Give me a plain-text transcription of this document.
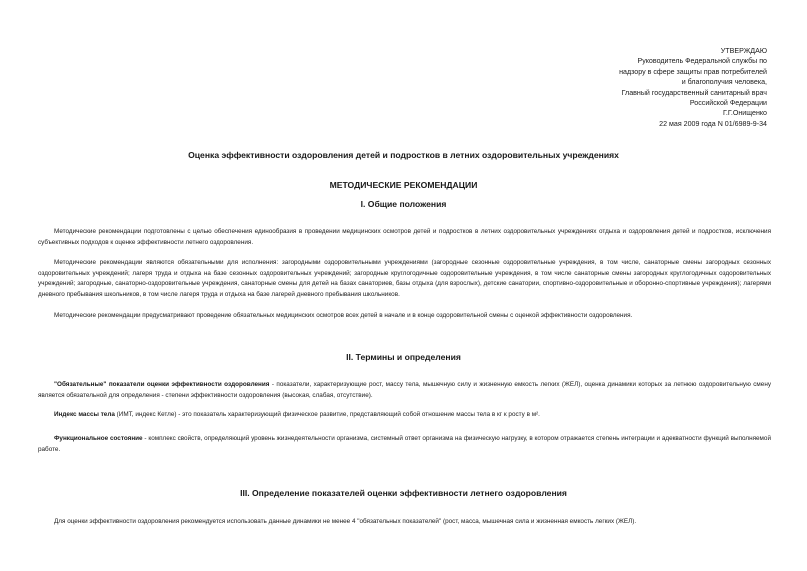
УТВЕРЖДАЮ
Руководитель Федеральной службы по
надзору в сфере защиты прав потребителей
и благополучия человека,
Главный государственный санитарный врач
Российской Федерации
Г.Г.Онищенко
22 мая 2009 года N 01/6989-9-34
Оценка эффективности оздоровления детей и подростков в летних оздоровительных учреждениях
МЕТОДИЧЕСКИЕ РЕКОМЕНДАЦИИ
I. Общие положения
Методические рекомендации подготовлены с целью обеспечения единообразия в проведении медицинских осмотров детей и подростков в летних оздоровительных учреждениях отдыха и оздоровления детей и подростков, исключения субъективных подходов к оценке эффективности летнего оздоровления.
Методические рекомендации являются обязательными для исполнения: загородными оздоровительными учреждениями (загородные сезонные оздоровительные учреждения, в том числе, санаторные смены загородных сезонных оздоровительных учреждений; лагеря труда и отдыха на базе сезонных оздоровительных учреждений; загородные круглогодичные оздоровительные учреждения, в том числе санаторные смены загородных круглогодичных оздоровительных учреждений; загородные, санаторно-оздоровительные учреждения, санаторные смены для детей на базах санаториев, базы отдыха (для взрослых), детские санатории, спортивно-оздоровительные и оборонно-спортивные учреждения); лагерями дневного пребывания школьников, в том числе лагеря труда и отдыха на базе лагерей дневного пребывания школьников.
Методические рекомендации предусматривают проведение обязательных медицинских осмотров всех детей в начале и в конце оздоровительной смены с оценкой эффективности оздоровления.
II. Термины и определения
"Обязательные" показатели оценки эффективности оздоровления - показатели, характеризующие рост, массу тела, мышечную силу и жизненную емкость легких (ЖЕЛ), оценка динамики которых за летнюю оздоровительную смену является обязательной для определения - степени эффективности оздоровления (высокая, слабая, отсутствие).
Индекс массы тела (ИМТ, индекс Кетле) - это показатель характеризующий физическое развитие, представляющий собой отношение массы тела в кг к росту в м².
Функциональное состояние - комплекс свойств, определяющий уровень жизнедеятельности организма, системный ответ организма на физическую нагрузку, в котором отражается степень интеграции и адекватности функций выполняемой работе.
III. Определение показателей оценки эффективности летнего оздоровления
Для оценки эффективности оздоровления рекомендуется использовать данные динамики не менее 4 "обязательных показателей" (рост, масса, мышечная сила и жизненная емкость легких (ЖЕЛ).
